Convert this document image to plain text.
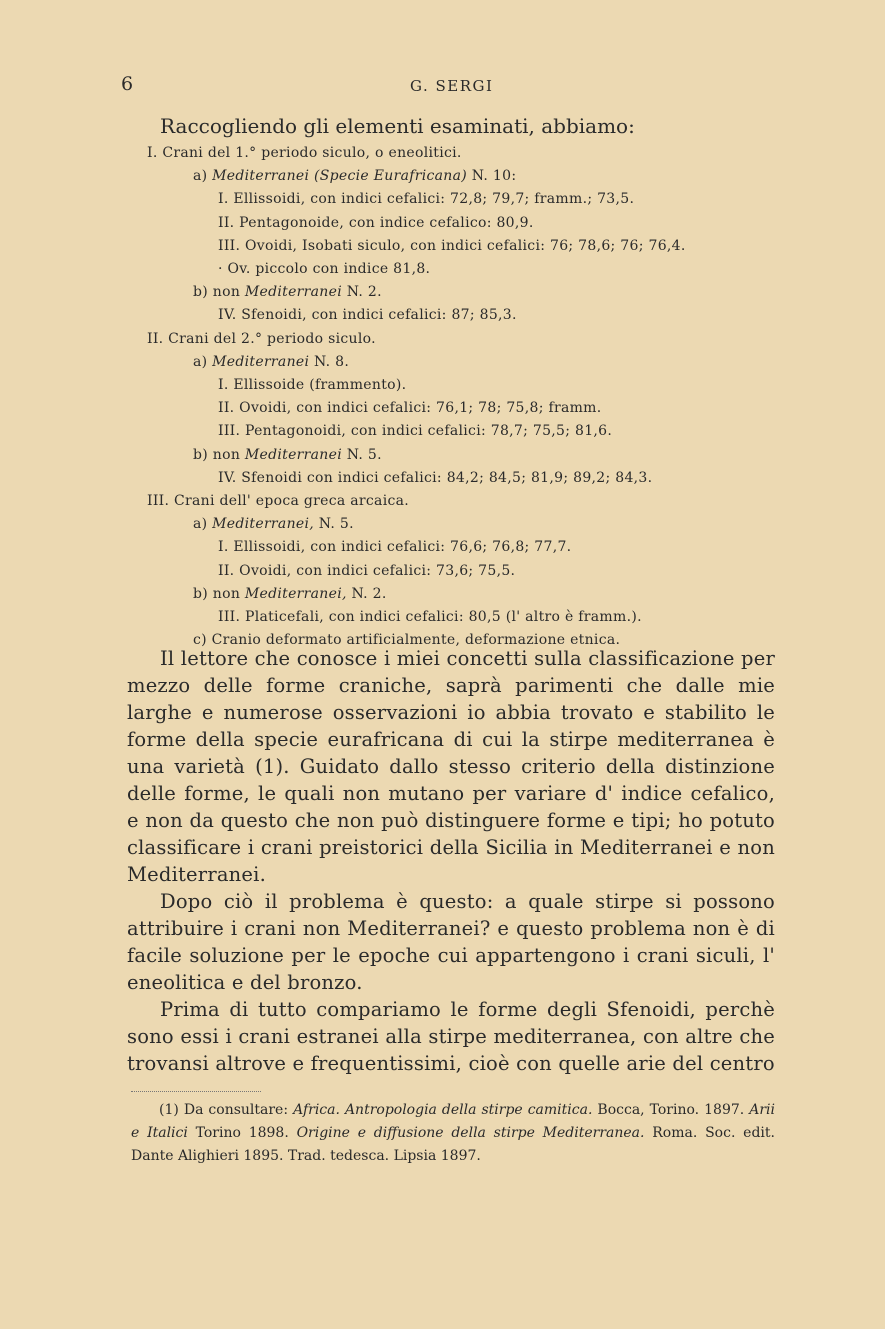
6	G. SERGI
Raccogliendo gli elementi esaminati, abbiamo:
I. Crani del 1.° periodo siculo, o eneolitici.
a) Mediterranei (Specie Eurafricana) N. 10:
I. Ellissoidi, con indici cefalici: 72,8; 79,7; framm.; 73,5.
II. Pentagonoide, con indice cefalico: 80,9.
III. Ovoidi, Isobati siculo, con indici cefalici: 76; 78,6; 76; 76,4.
· Ov. piccolo con indice 81,8.
b) non Mediterranei N. 2.
IV. Sfenoidi, con indici cefalici: 87; 85,3.
II. Crani del 2.° periodo siculo.
a) Mediterranei N. 8.
I. Ellissoide (frammento).
II. Ovoidi, con indici cefalici: 76,1; 78; 75,8; framm.
III. Pentagonoidi, con indici cefalici: 78,7; 75,5; 81,6.
b) non Mediterranei N. 5.
IV. Sfenoidi con indici cefalici: 84,2; 84,5; 81,9; 89,2; 84,3.
III. Crani dell' epoca greca arcaica.
a) Mediterranei, N. 5.
I. Ellissoidi, con indici cefalici: 76,6; 76,8; 77,7.
II. Ovoidi, con indici cefalici: 73,6; 75,5.
b) non Mediterranei, N. 2.
III. Platicefali, con indici cefalici: 80,5 (l' altro è framm.).
c) Cranio deformato artificialmente, deformazione etnica.

Il lettore che conosce i miei concetti sulla classificazione per mezzo delle forme craniche, saprà parimenti che dalle mie larghe e numerose osservazioni io abbia trovato e stabilito le forme della specie eurafricana di cui la stirpe mediterranea è una varietà (1). Guidato dallo stesso criterio della distinzione delle forme, le quali non mutano per variare d' indice cefalico, e non da questo che non può distinguere forme e tipi; ho potuto classificare i crani preistorici della Sicilia in Mediterranei e non Mediterranei.

Dopo ciò il problema è questo: a quale stirpe si possono attribuire i crani non Mediterranei? e questo problema non è di facile soluzione per le epoche cui appartengono i crani siculi, l' eneolitica e del bronzo.

Prima di tutto compariamo le forme degli Sfenoidi, perchè sono essi i crani estranei alla stirpe mediterranea, con altre che trovansi altrove e frequentissimi, cioè con quelle arie del centro

(1) Da consultare: Africa. Antropologia della stirpe camitica. Bocca, Torino. 1897. Arii e Italici Torino 1898. Origine e diffusione della stirpe Mediterranea. Roma. Soc. edit. Dante Alighieri 1895. Trad. tedesca. Lipsia 1897.
